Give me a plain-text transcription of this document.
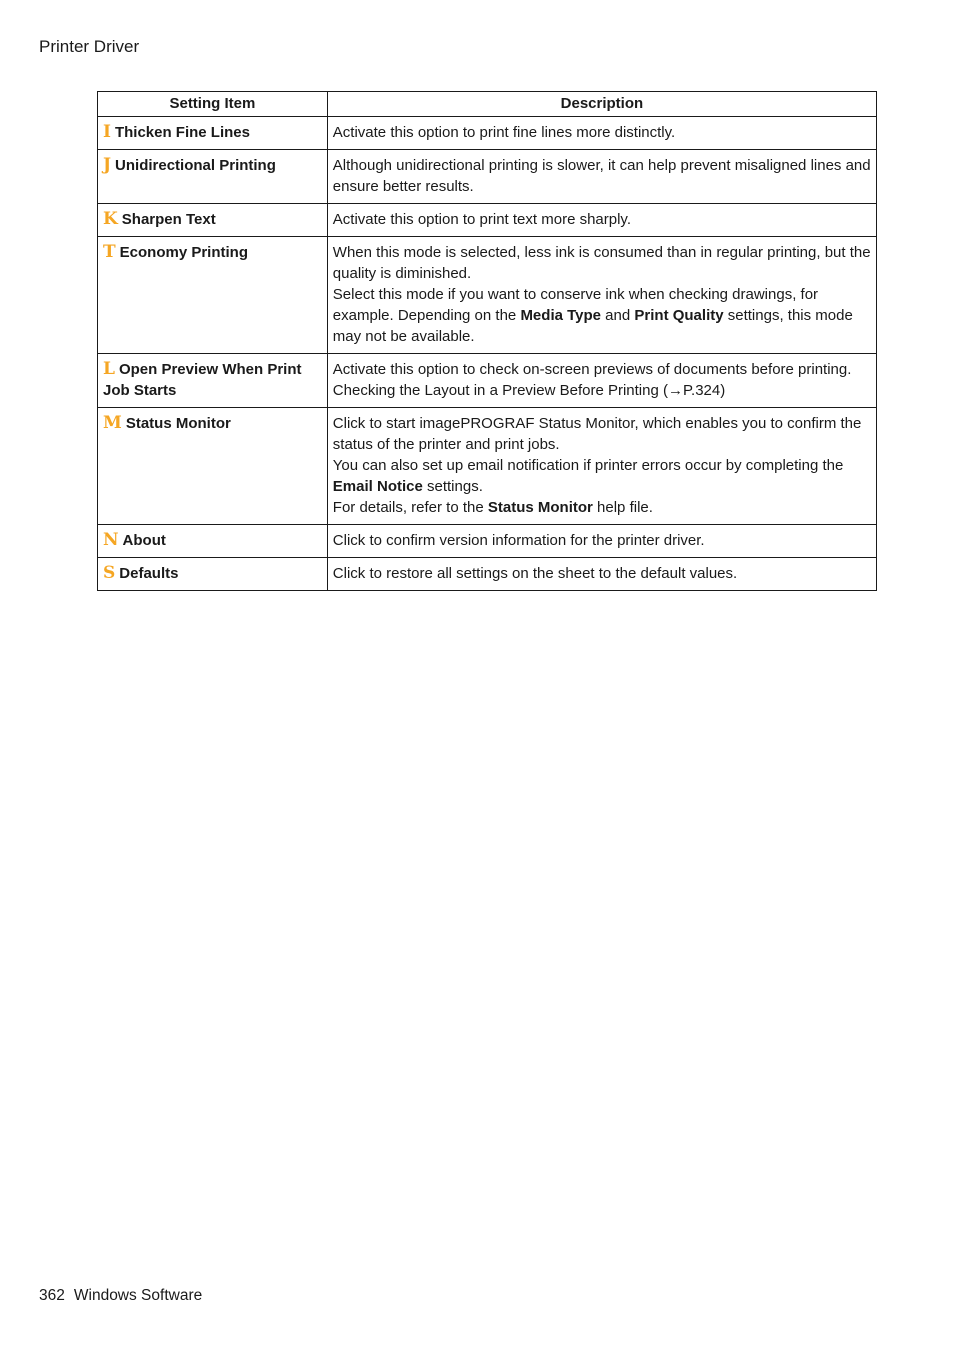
Printer Driver
Setting Item	Description
I Thicken Fine Lines	Activate this option to print fine lines more distinctly.

J Unidirectional Printing	Although unidirectional printing is slower, it can help prevent misaligned lines and ensure better results.

K Sharpen Text	Activate this option to print text more sharply.

T Economy Printing	When this mode is selected, less ink is consumed than in regular printing, but the quality is diminished.
Select this mode if you want to conserve ink when checking drawings, for example. Depending on the Media Type and Print Quality settings, this mode may not be available.

L Open Preview When Print Job Starts	Activate this option to check on-screen previews of documents before printing.
Checking the Layout in a Preview Before Printing (→P.324)

M Status Monitor	Click to start imagePROGRAF Status Monitor, which enables you to confirm the status of the printer and print jobs.
You can also set up email notification if printer errors occur by completing the Email Notice settings.
For details, refer to the Status Monitor help file.

N About	Click to confirm version information for the printer driver.

S Defaults	Click to restore all settings on the sheet to the default values.
362 Windows Software
